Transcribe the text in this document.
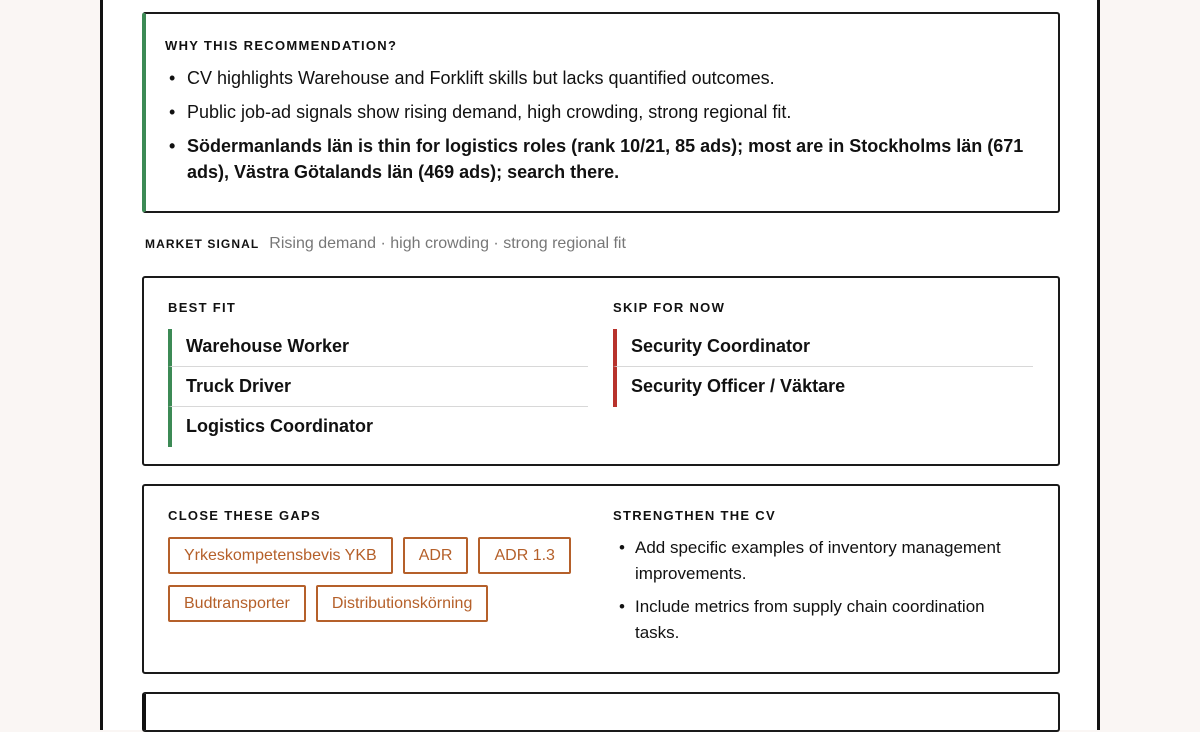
WHY THIS RECOMMENDATION?
• CV highlights Warehouse and Forklift skills but lacks quantified outcomes.
• Public job-ad signals show rising demand, high crowding, strong regional fit.
• Södermanlands län is thin for logistics roles (rank 10/21, 85 ads); most are in Stockholms län (671 ads), Västra Götalands län (469 ads); search there.
MARKET SIGNAL Rising demand · high crowding · strong regional fit
BEST FIT
Warehouse Worker
Truck Driver
Logistics Coordinator
SKIP FOR NOW
Security Coordinator
Security Officer / Väktare
CLOSE THESE GAPS
Yrkeskompetensbevis YKB	ADR	ADR 1.3
Budtransporter	Distributionskörning
STRENGTHEN THE CV
• Add specific examples of inventory management improvements.
• Include metrics from supply chain coordination tasks.
